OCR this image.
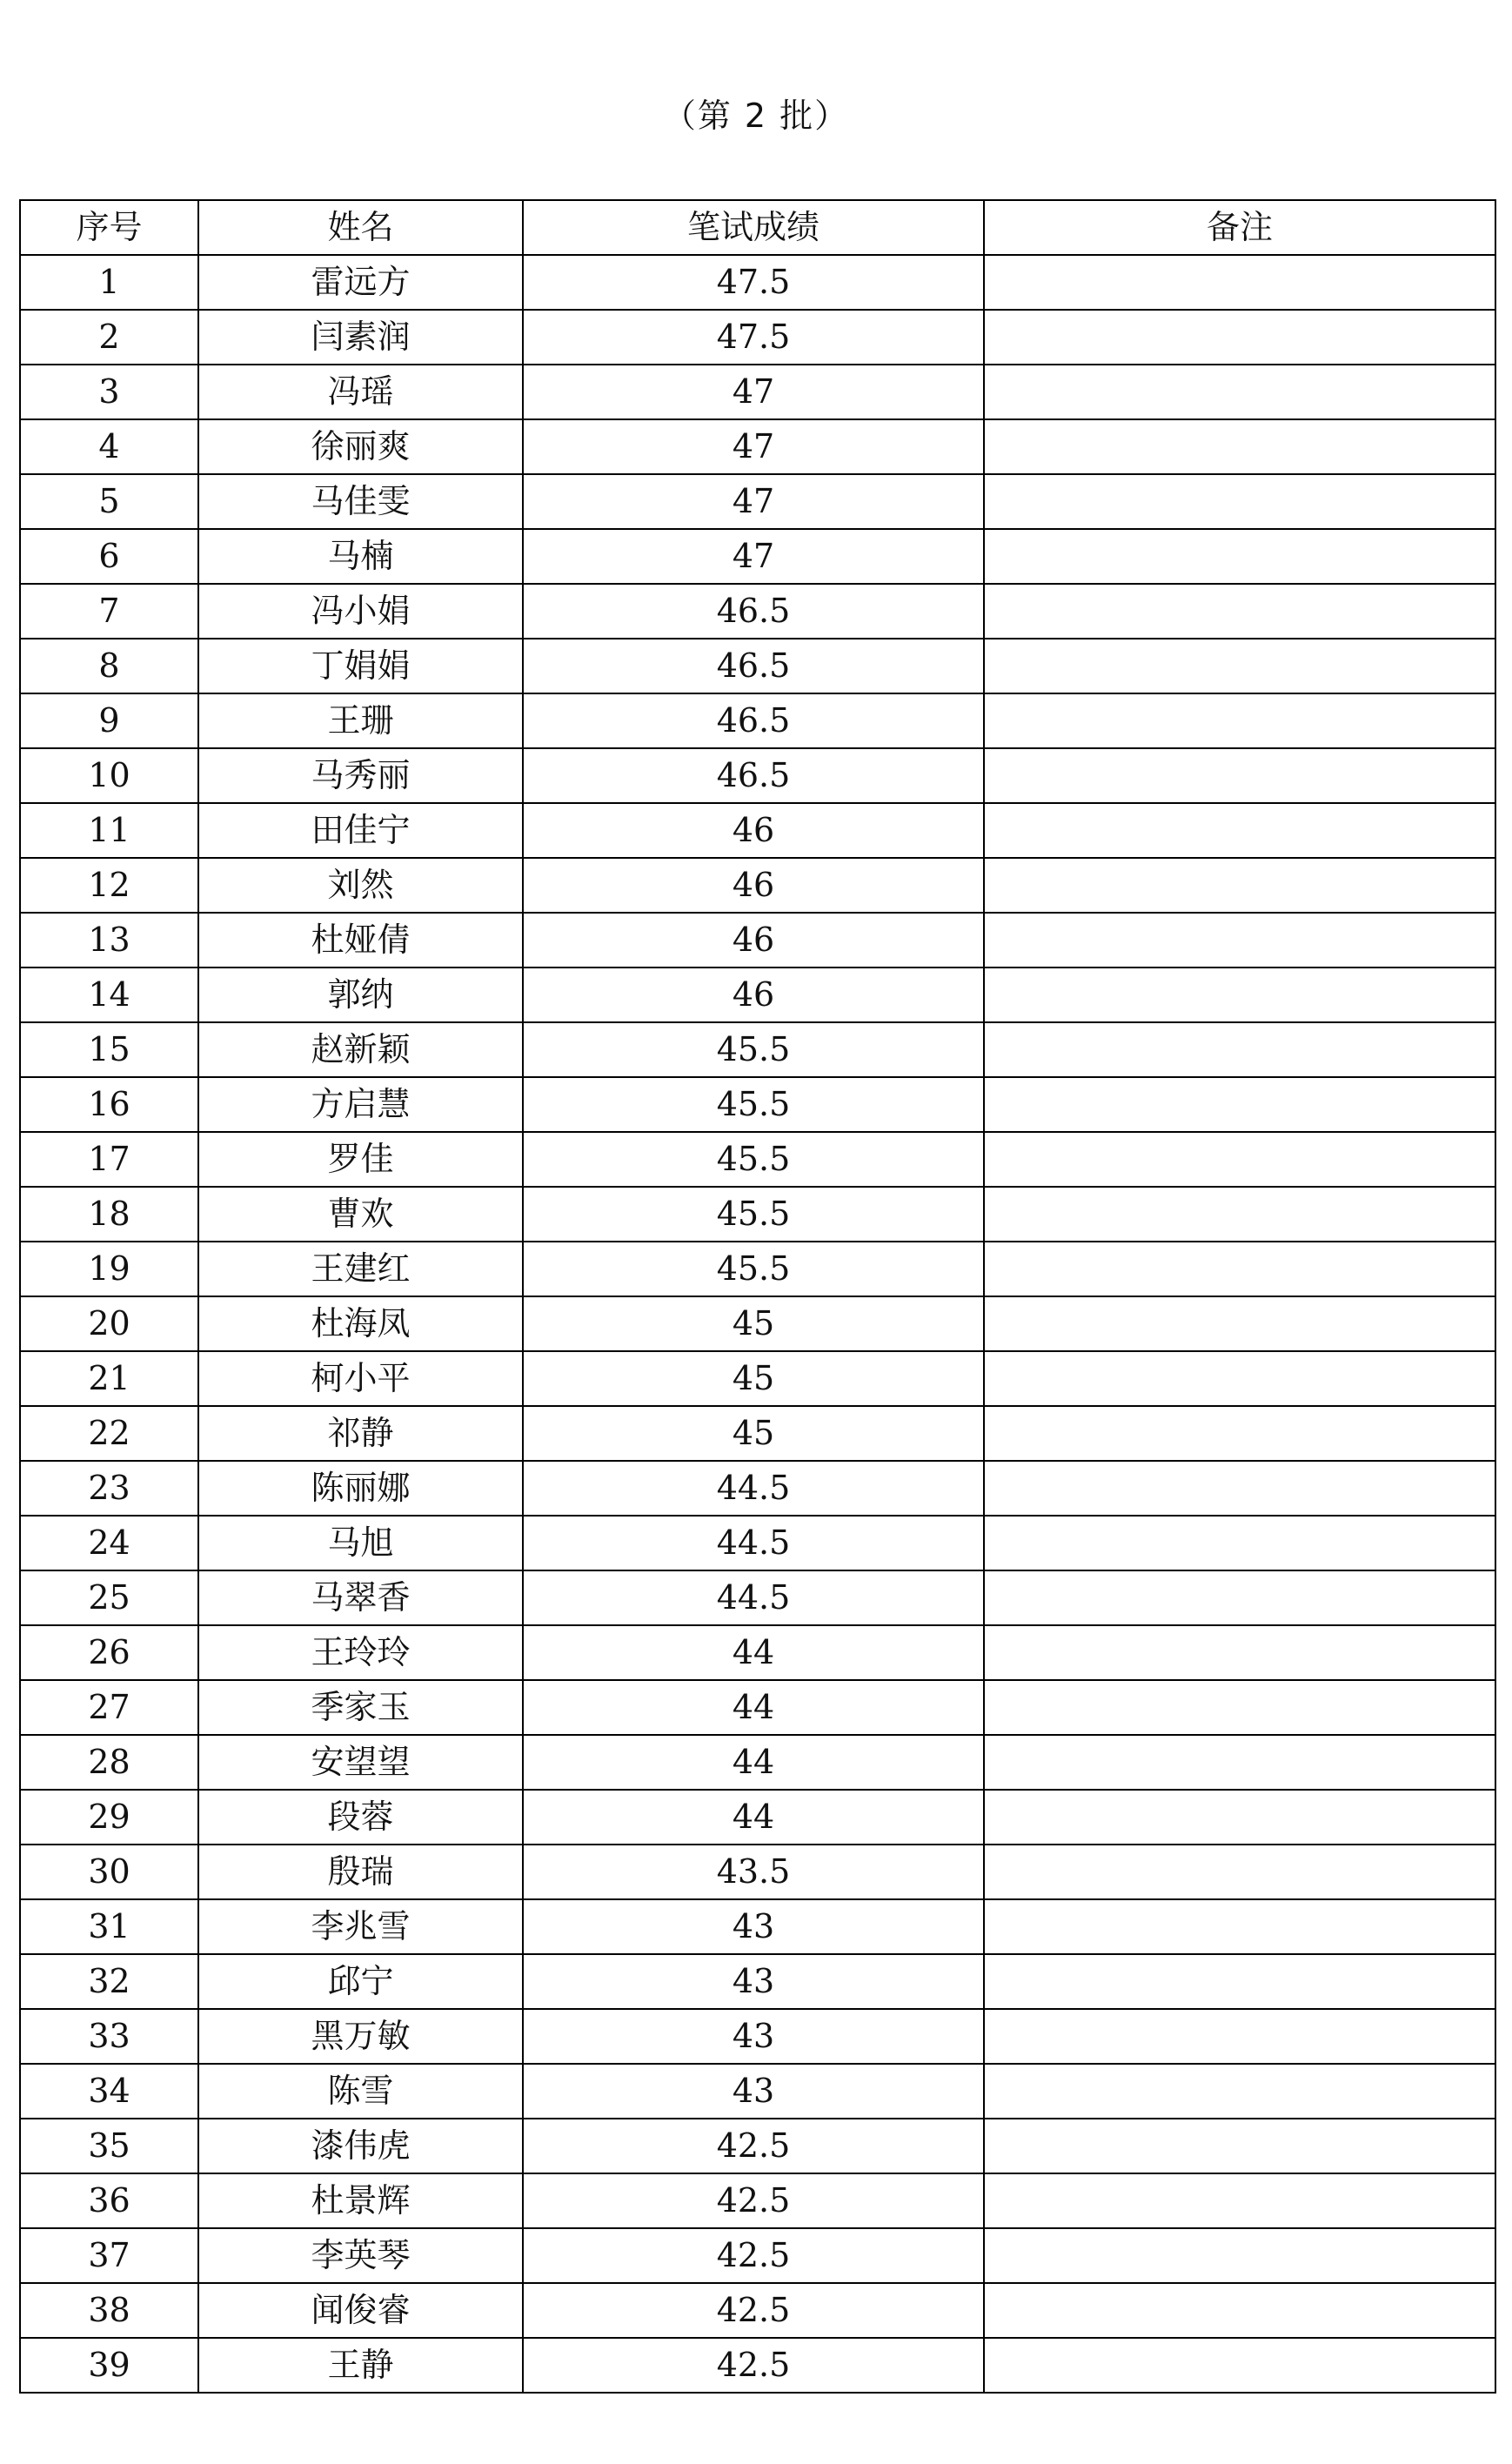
（第 2 批）
序号	姓名	笔试成绩	备注
1	雷远方	47.5	
2	闫素润	47.5	
3	冯瑶	47	
4	徐丽爽	47	
5	马佳雯	47	
6	马楠	47	
7	冯小娟	46.5	
8	丁娟娟	46.5	
9	王珊	46.5	
10	马秀丽	46.5	
11	田佳宁	46	
12	刘然	46	
13	杜娅倩	46	
14	郭纳	46	
15	赵新颖	45.5	
16	方启慧	45.5	
17	罗佳	45.5	
18	曹欢	45.5	
19	王建红	45.5	
20	杜海凤	45	
21	柯小平	45	
22	祁静	45	
23	陈丽娜	44.5	
24	马旭	44.5	
25	马翠香	44.5	
26	王玲玲	44	
27	季家玉	44	
28	安望望	44	
29	段蓉	44	
30	殷瑞	43.5	
31	李兆雪	43	
32	邱宁	43	
33	黑万敏	43	
34	陈雪	43	
35	漆伟虎	42.5	
36	杜景辉	42.5	
37	李英琴	42.5	
38	闻俊睿	42.5	
39	王静	42.5	
